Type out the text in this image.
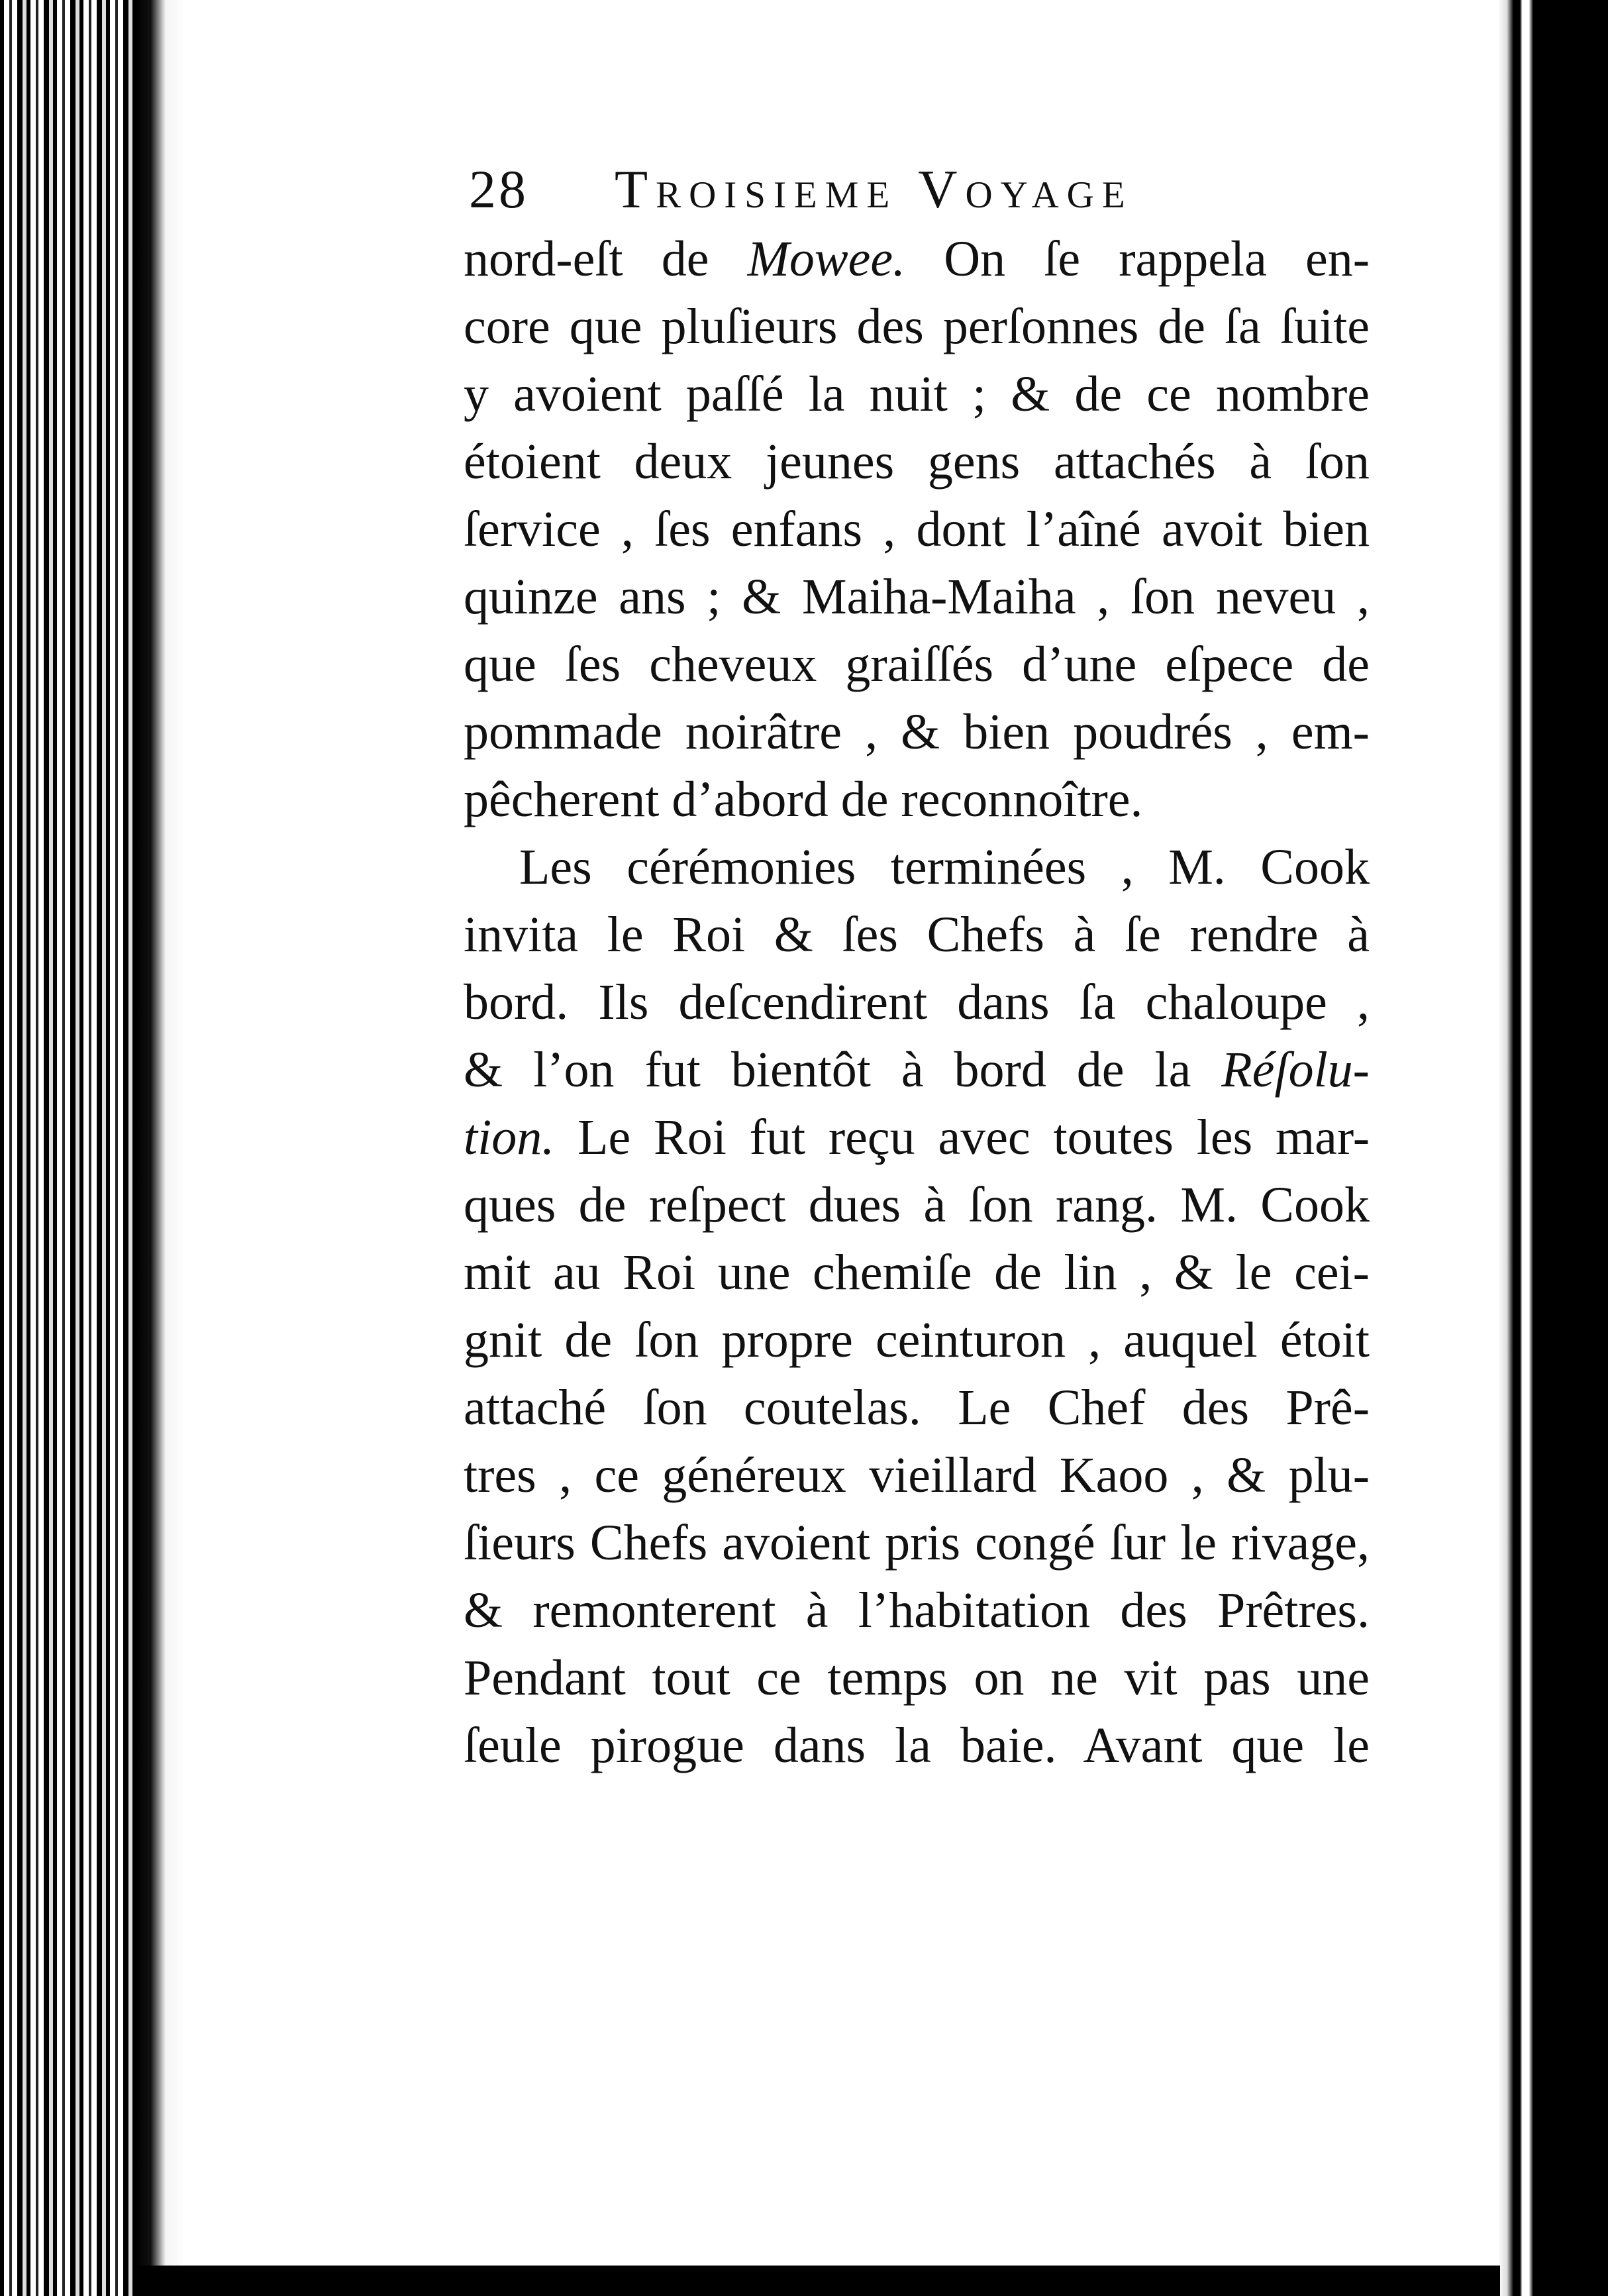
28 Troisieme Voyage
nord-eſt de Mowee. On ſe rappela en-
core que pluſieurs des perſonnes de ſa ſuite
y avoient paſſé la nuit ; & de ce nombre
étoient deux jeunes gens attachés à ſon
ſervice , ſes enfans , dont l’aîné avoit bien
quinze ans ; & Maiha-Maiha , ſon neveu ,
que ſes cheveux graiſſés d’une eſpece de
pommade noirâtre , & bien poudrés , em-
pêcherent d’abord de reconnoître.
Les cérémonies terminées , M. Cook
invita le Roi & ſes Chefs à ſe rendre à
bord. Ils deſcendirent dans ſa chaloupe ,
& l’on fut bientôt à bord de la Réſolu-
tion. Le Roi fut reçu avec toutes les mar-
ques de reſpect dues à ſon rang. M. Cook
mit au Roi une chemiſe de lin , & le cei-
gnit de ſon propre ceinturon , auquel étoit
attaché ſon coutelas. Le Chef des Prê-
tres , ce généreux vieillard Kaoo , & plu-
ſieurs Chefs avoient pris congé ſur le rivage,
& remonterent à l’habitation des Prêtres.
Pendant tout ce temps on ne vit pas une
ſeule pirogue dans la baie. Avant que le
